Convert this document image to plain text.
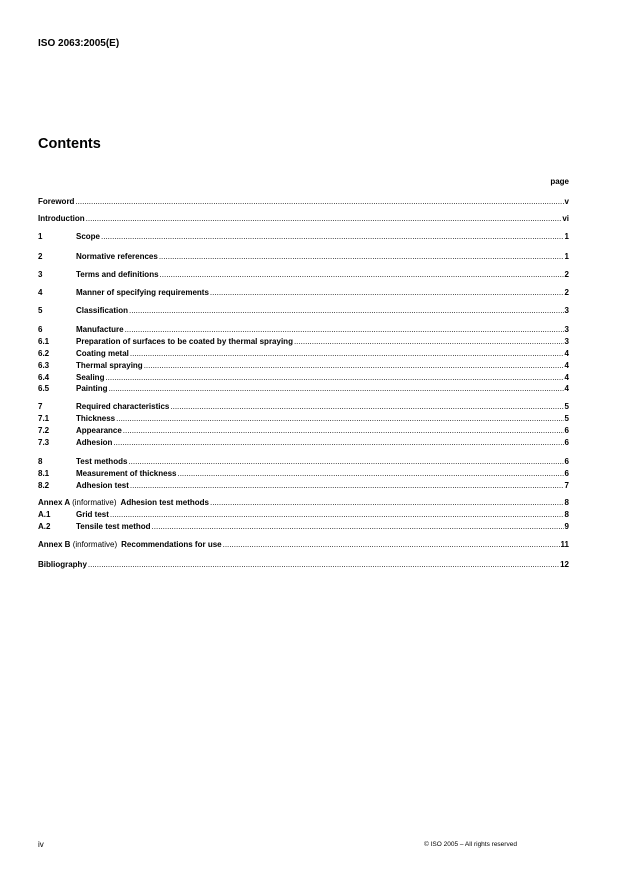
ISO 2063:2005(E)
Contents
page
Foreword .....	v
Introduction .....	vi
1	Scope .....	1
2	Normative references .....	1
3	Terms and definitions .....	2
4	Manner of specifying requirements .....	2
5	Classification .....	3
6	Manufacture .....	3
6.1	Preparation of surfaces to be coated by thermal spraying .....	3
6.2	Coating metal .....	4
6.3	Thermal spraying .....	4
6.4	Sealing .....	4
6.5	Painting .....	4
7	Required characteristics .....	5
7.1	Thickness .....	5
7.2	Appearance .....	6
7.3	Adhesion .....	6
8	Test methods .....	6
8.1	Measurement of thickness .....	6
8.2	Adhesion test .....	7
Annex A (informative) Adhesion test methods .....	8
A.1	Grid test .....	8
A.2	Tensile test method .....	9
Annex B (informative) Recommendations for use .....	11
Bibliography .....	12
iv	© ISO 2005 – All rights reserved
